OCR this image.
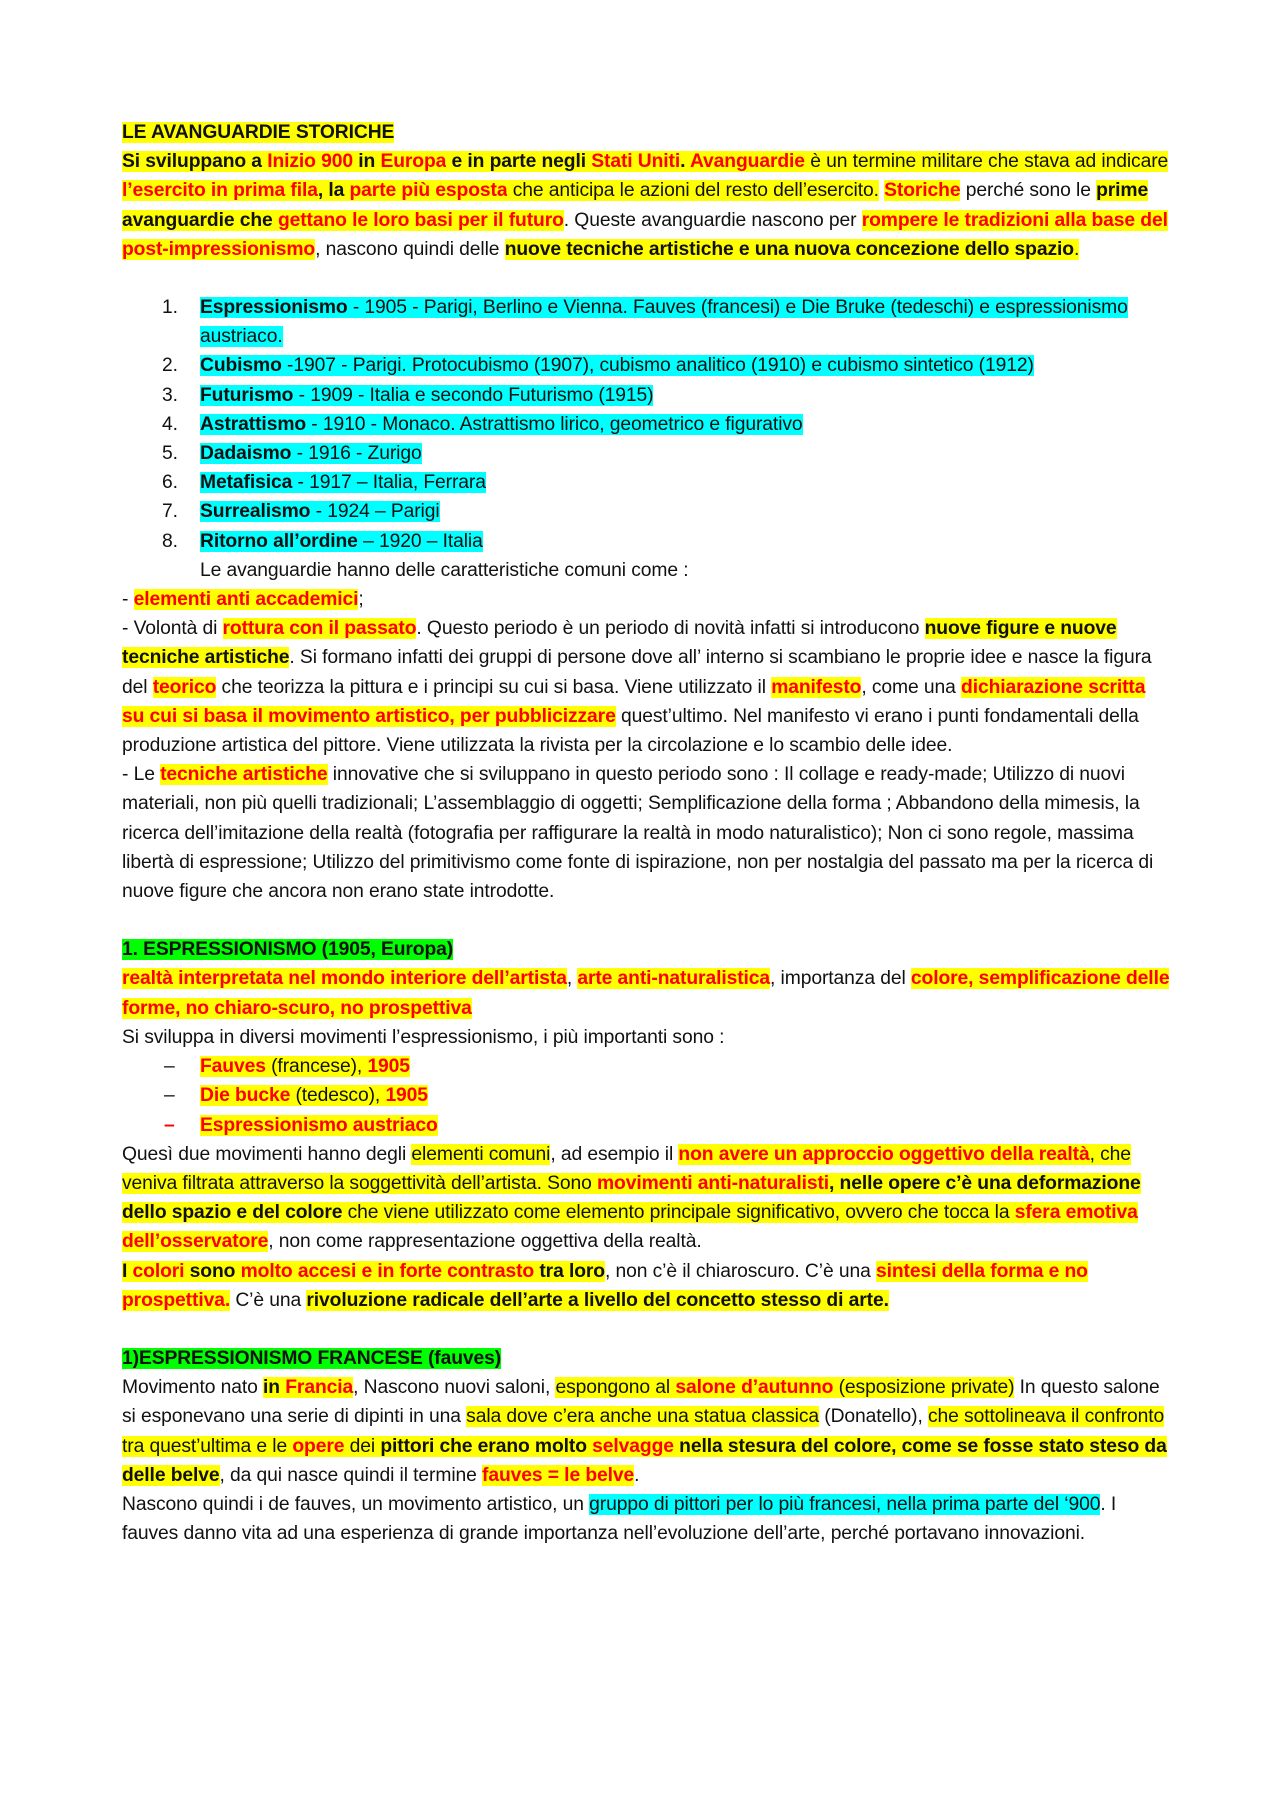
LE AVANGUARDIE STORICHE

Si sviluppano a Inizio 900 in Europa e in parte negli Stati Uniti. Avanguardie è un termine militare che stava ad indicare l’esercito in prima fila, la parte più esposta che anticipa le azioni del resto dell’esercito. Storiche perché sono le prime avanguardie che gettano le loro basi per il futuro. Queste avanguardie nascono per rompere le tradizioni alla base del post-impressionismo, nascono quindi delle nuove tecniche artistiche e una nuova concezione dello spazio.

1. Espressionismo - 1905 - Parigi, Berlino e Vienna. Fauves (francesi) e Die Bruke (tedeschi) e espressionismo austriaco.
2. Cubismo -1907 - Parigi. Protocubismo (1907), cubismo analitico (1910) e cubismo sintetico (1912)
3. Futurismo - 1909 - Italia e secondo Futurismo (1915)
4. Astrattismo - 1910 - Monaco. Astrattismo lirico, geometrico e figurativo
5. Dadaismo - 1916 - Zurigo
6. Metafisica - 1917 – Italia, Ferrara
7. Surrealismo - 1924 – Parigi
8. Ritorno all’ordine – 1920 – Italia

Le avanguardie hanno delle caratteristiche comuni come :

- elementi anti accademici;

- Volontà di rottura con il passato. Questo periodo è un periodo di novità infatti si introducono nuove figure e nuove tecniche artistiche. Si formano infatti dei gruppi di persone dove all’ interno si scambiano le proprie idee e nasce la figura del teorico che teorizza la pittura e i principi su cui si basa. Viene utilizzato il manifesto, come una dichiarazione scritta su cui si basa il movimento artistico, per pubblicizzare quest’ultimo. Nel manifesto vi erano i punti fondamentali della produzione artistica del pittore. Viene utilizzata la rivista per la circolazione e lo scambio delle idee.

- Le tecniche artistiche innovative che si sviluppano in questo periodo sono : Il collage e ready-made; Utilizzo di nuovi materiali, non più quelli tradizionali; L’assemblaggio di oggetti; Semplificazione della forma ; Abbandono della mimesis, la ricerca dell’imitazione della realtà (fotografia per raffigurare la realtà in modo naturalistico); Non ci sono regole, massima libertà di espressione; Utilizzo del primitivismo come fonte di ispirazione, non per nostalgia del passato ma per la ricerca di nuove figure che ancora non erano state introdotte.

1. ESPRESSIONISMO (1905, Europa)

realtà interpretata nel mondo interiore dell’artista, arte anti-naturalistica, importanza del colore, semplificazione delle forme, no chiaro-scuro, no prospettiva

Si sviluppa in diversi movimenti l’espressionismo, i più importanti sono :

– Fauves (francese), 1905
– Die bucke (tedesco), 1905
– Espressionismo austriaco

Quesì due movimenti hanno degli elementi comuni, ad esempio il non avere un approccio oggettivo della realtà, che veniva filtrata attraverso la soggettività dell’artista. Sono movimenti anti-naturalisti, nelle opere c’è una deformazione dello spazio e del colore che viene utilizzato come elemento principale significativo, ovvero che tocca la sfera emotiva dell’osservatore, non come rappresentazione oggettiva della realtà.

I colori sono molto accesi e in forte contrasto tra loro, non c’è il chiaroscuro. C’è una sintesi della forma e no prospettiva. C’è una rivoluzione radicale dell’arte a livello del concetto stesso di arte.

1)ESPRESSIONISMO FRANCESE (fauves)

Movimento nato in Francia, Nascono nuovi saloni, espongono al salone d’autunno (esposizione private) In questo salone si esponevano una serie di dipinti in una sala dove c’era anche una statua classica (Donatello), che sottolineava il confronto tra quest’ultima e le opere dei pittori che erano molto selvagge nella stesura del colore, come se fosse stato steso da delle belve, da qui nasce quindi il termine fauves = le belve.

Nascono quindi i de fauves, un movimento artistico, un gruppo di pittori per lo più francesi, nella prima parte del ‘900. I fauves danno vita ad una esperienza di grande importanza nell’evoluzione dell’arte, perché portavano innovazioni.
